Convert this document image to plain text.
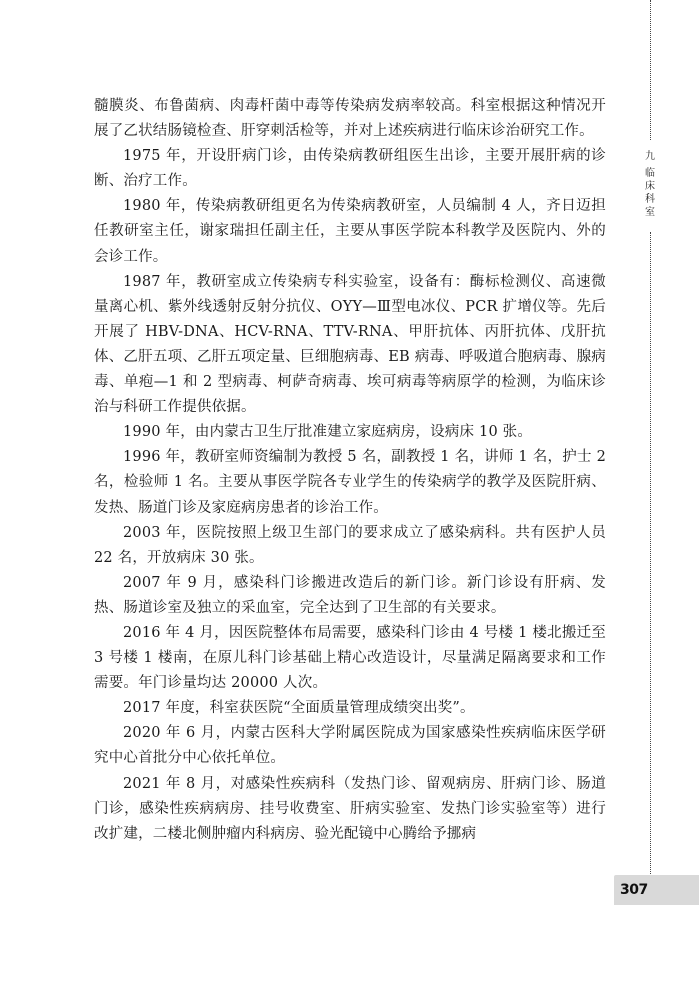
九
临
床
科
室

髓膜炎、布鲁菌病、肉毒杆菌中毒等传染病发病率较高。科室根据这种情况开展了乙状结肠镜检查、肝穿刺活检等，并对上述疾病进行临床诊治研究工作。

1975 年，开设肝病门诊，由传染病教研组医生出诊，主要开展肝病的诊断、治疗工作。

1980 年，传染病教研组更名为传染病教研室，人员编制 4 人，齐日迈担任教研室主任，谢家瑞担任副主任，主要从事医学院本科教学及医院内、外的会诊工作。

1987 年，教研室成立传染病专科实验室，设备有：酶标检测仪、高速微量离心机、紫外线透射反射分抗仪、OYY—Ⅲ型电冰仪、PCR 扩增仪等。先后开展了 HBV-DNA、HCV-RNA、TTV-RNA、甲肝抗体、丙肝抗体、戊肝抗体、乙肝五项、乙肝五项定量、巨细胞病毒、EB 病毒、呼吸道合胞病毒、腺病毒、单疱—1 和 2 型病毒、柯萨奇病毒、埃可病毒等病原学的检测，为临床诊治与科研工作提供依据。

1990 年，由内蒙古卫生厅批准建立家庭病房，设病床 10 张。

1996 年，教研室师资编制为教授 5 名，副教授 1 名，讲师 1 名，护士 2 名，检验师 1 名。主要从事医学院各专业学生的传染病学的教学及医院肝病、发热、肠道门诊及家庭病房患者的诊治工作。

2003 年，医院按照上级卫生部门的要求成立了感染病科。共有医护人员 22 名，开放病床 30 张。

2007 年 9 月，感染科门诊搬进改造后的新门诊。新门诊设有肝病、发热、肠道诊室及独立的采血室，完全达到了卫生部的有关要求。

2016 年 4 月，因医院整体布局需要，感染科门诊由 4 号楼 1 楼北搬迁至 3 号楼 1 楼南，在原儿科门诊基础上精心改造设计，尽量满足隔离要求和工作需要。年门诊量均达 20000 人次。

2017 年度，科室获医院“全面质量管理成绩突出奖”。

2020 年 6 月，内蒙古医科大学附属医院成为国家感染性疾病临床医学研究中心首批分中心依托单位。

2021 年 8 月，对感染性疾病科（发热门诊、留观病房、肝病门诊、肠道门诊，感染性疾病病房、挂号收费室、肝病实验室、发热门诊实验室等）进行改扩建，二楼北侧肿瘤内科病房、验光配镜中心腾给予挪病

307
